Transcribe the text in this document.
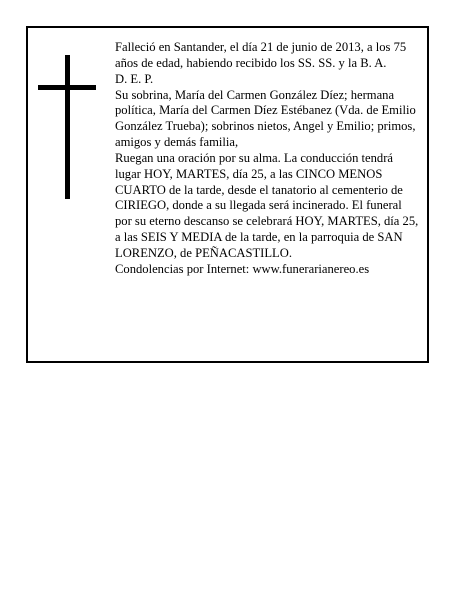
Falleció en Santander, el día 21 de junio de 2013, a los 75 años de edad, habiendo recibido los SS. SS. y la B. A.

D. E. P.

Su sobrina, María del Carmen González Díez; hermana política, María del Carmen Díez Estébanez (Vda. de Emilio González Trueba); sobrinos nietos, Angel y Emilio; primos, amigos y demás familia,

Ruegan una oración por su alma. La conducción tendrá lugar HOY, MARTES, día 25, a las CINCO MENOS CUARTO de la tarde, desde el tanatorio al cementerio de CIRIEGO, donde a su llegada será incinerado. El funeral por su eterno descanso se celebrará HOY, MARTES, día 25, a las SEIS Y MEDIA de la tarde, en la parroquia de SAN LORENZO, de PEÑACASTILLO.

Condolencias por Internet: www.funerarianereo.es
